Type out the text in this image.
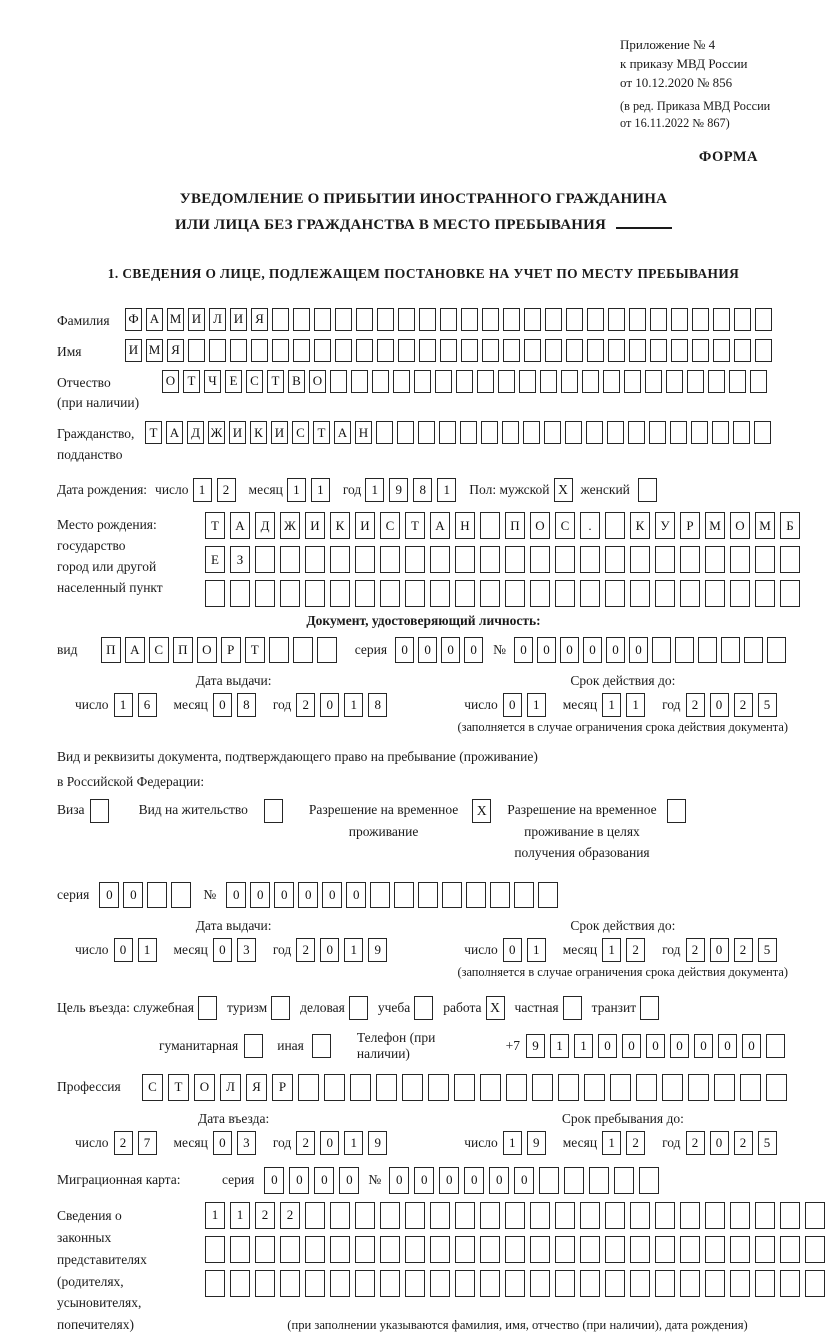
Приложение № 4
к приказу МВД России
от 10.12.2020 № 856
(в ред. Приказа МВД России
от 16.11.2022 № 867)
ФОРМА
УВЕДОМЛЕНИЕ О ПРИБЫТИИ ИНОСТРАННОГО ГРАЖДАНИНА
ИЛИ ЛИЦА БЕЗ ГРАЖДАНСТВА В МЕСТО ПРЕБЫВАНИЯ
1. СВЕДЕНИЯ О ЛИЦЕ, ПОДЛЕЖАЩЕМ ПОСТАНОВКЕ НА УЧЕТ ПО МЕСТУ ПРЕБЫВАНИЯ
Фамилия	Ф А М И Л И Я
Имя	И М Я
Отчество
(при наличии)
О Т Ч Е С Т В О
Гражданство,
подданство
Т А Д Ж И К И С Т А Н
Дата рождения: число 1	2	месяц 1	1	год 1	9	8	1	Пол: мужской X женский
Место рождения:
государство
город или другой
населенный пункт
Т	А	Д	Ж	И	К	И	С	Т	А	Н	П	О	С	.	К	У	Р	М	О	М	Б
Е	З
Документ, удостоверяющий личность:
вид	П	А	С	П	О	Р	Т	серия	0	0	0	0	№	0	0	0	0	0	0
Дата выдачи:
число 1	6	месяц 0	8	год 2	0	1	8
Срок действия до:
число 0	1	месяц 1	1	год 2	0	2	5
(заполняется в случае ограничения срока действия документа)
Вид и реквизиты документа, подтверждающего право на пребывание (проживание)
в Российской Федерации:
Виза	Вид на жительство	Разрешение на временное
проживание
X	Разрешение на временное
проживание в целях
получения образования
серия	0	0	№	0	0	0	0	0	0
Дата выдачи:
число 0	1	месяц 0	3	год 2	0	1	9
Срок действия до:
число 0	1	месяц 1	2	год 2	0	2	5
(заполняется в случае ограничения срока действия документа)
Цель въезда: служебная туризм деловая учеба работа X	частная транзит
гуманитарная	иная
Телефон (при наличии)
+7 9	1	1	0	0	0	0	0	0	0
Профессия	С	Т	О	Л	Я	Р
Дата въезда:
число 2	7	месяц 0	3	год 2	0	1	9
Срок пребывания до:
число 1	9	месяц 1	2	год 2	0	2	5
Миграционная карта:	серия	0	0	0	0	№	0	0	0	0	0	0
Сведения о
законных
представителях
(родителях,
усыновителях,
попечителях)
1	1	2	2
(при заполнении указываются фамилия, имя, отчество (при наличии), дата рождения)
